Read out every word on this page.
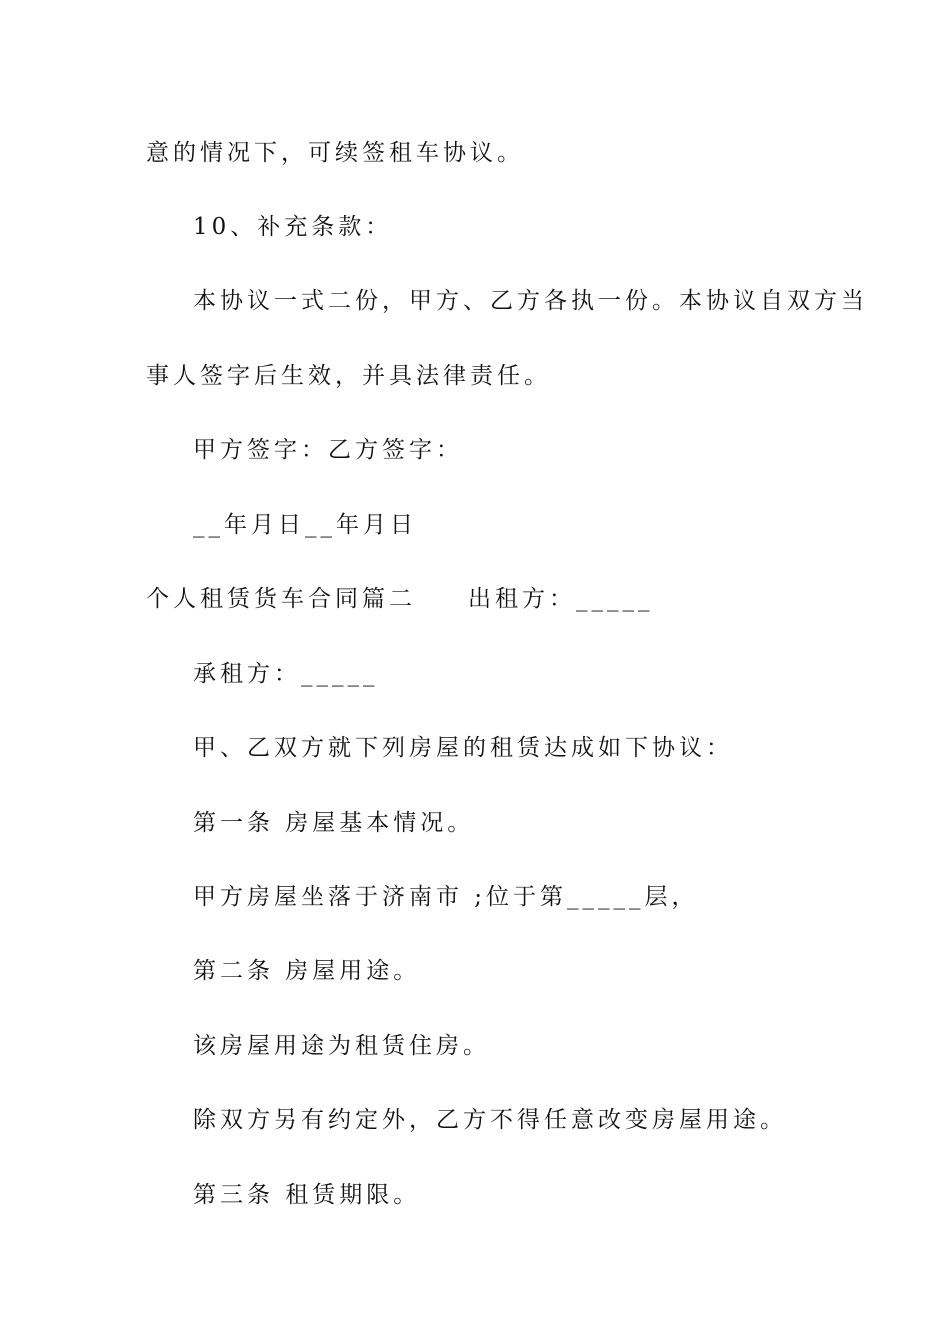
意的情况下，可续签租车协议。
10、补充条款：
本协议一式二份，甲方、乙方各执一份。本协议自双方当
事人签字后生效，并具法律责任。
甲方签字：乙方签字：
__年月日__年月日
个人租赁货车合同篇二 出租方：_____
承租方：_____
甲、乙双方就下列房屋的租赁达成如下协议：
第一条 房屋基本情况。
甲方房屋坐落于济南市 ;位于第_____层，
第二条 房屋用途。
该房屋用途为租赁住房。
除双方另有约定外，乙方不得任意改变房屋用途。
第三条 租赁期限。
